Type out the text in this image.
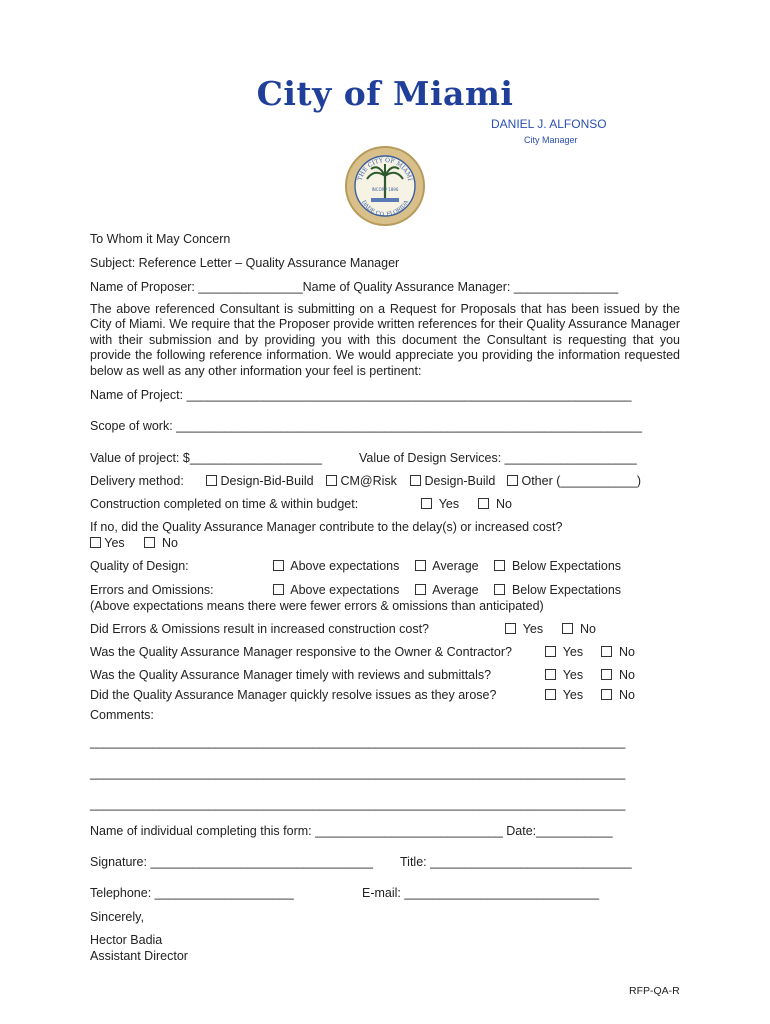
City of Miami
DANIEL J. ALFONSO
City Manager
THE CITY OF MIAMI
DADE CO. FLORIDA
INCORP 1896
To Whom it May Concern
Subject: Reference Letter – Quality Assurance Manager
Name of Proposer: _______________Name of Quality Assurance Manager: _______________
The above referenced Consultant is submitting on a Request for Proposals that has been issued by the City of Miami. We require that the Proposer provide written references for their Quality Assurance Manager with their submission and by providing you with this document the Consultant is requesting that you provide the following reference information. We would appreciate you providing the information requested below as well as any other information your feel is pertinent:
Name of Project: ________________________________________________________________
Scope of work: ___________________________________________________________________
Value of project: $___________________	Value of Design Services: ___________________
Delivery method:	Design-Bid-Build	CM@Risk	Design-Build	Other (___________)
Construction completed on time & within budget:	Yes	No
If no, did the Quality Assurance Manager contribute to the delay(s) or increased cost?
Yes	No
Quality of Design:	Above expectations	Average	Below Expectations
Errors and Omissions:	Above expectations	Average	Below Expectations
(Above expectations means there were fewer errors & omissions than anticipated)
Did Errors & Omissions result in increased construction cost?	Yes	No
Was the Quality Assurance Manager responsive to the Owner & Contractor?	Yes	No
Was the Quality Assurance Manager timely with reviews and submittals?	Yes	No
Did the Quality Assurance Manager quickly resolve issues as they arose?	Yes	No
Comments:
_____________________________________________________________________________
_____________________________________________________________________________
_____________________________________________________________________________
Name of individual completing this form: ___________________________ Date:___________
Signature: ________________________________ Title: _____________________________
Telephone: ____________________	E-mail: ____________________________
Sincerely,
Hector Badia
Assistant Director
RFP-QA-R
